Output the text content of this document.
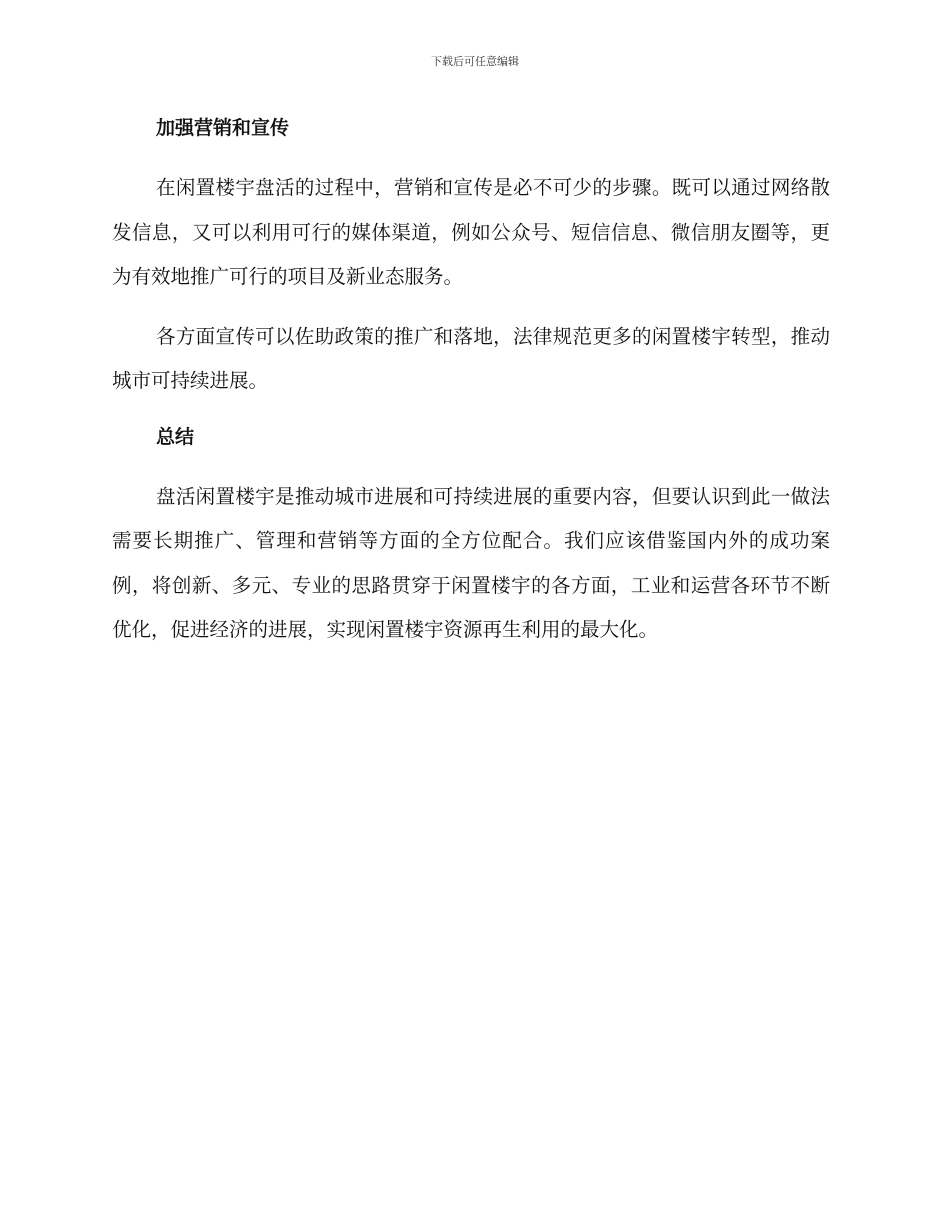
下载后可任意编辑
加强营销和宣传

在闲置楼宇盘活的过程中，营销和宣传是必不可少的步骤。既可以通过网络散发信息，又可以利用可行的媒体渠道，例如公众号、短信信息、微信朋友圈等，更为有效地推广可行的项目及新业态服务。

各方面宣传可以佐助政策的推广和落地，法律规范更多的闲置楼宇转型，推动城市可持续进展。

总结

盘活闲置楼宇是推动城市进展和可持续进展的重要内容，但要认识到此一做法需要长期推广、管理和营销等方面的全方位配合。我们应该借鉴国内外的成功案例，将创新、多元、专业的思路贯穿于闲置楼宇的各方面，工业和运营各环节不断优化，促进经济的进展，实现闲置楼宇资源再生利用的最大化。
